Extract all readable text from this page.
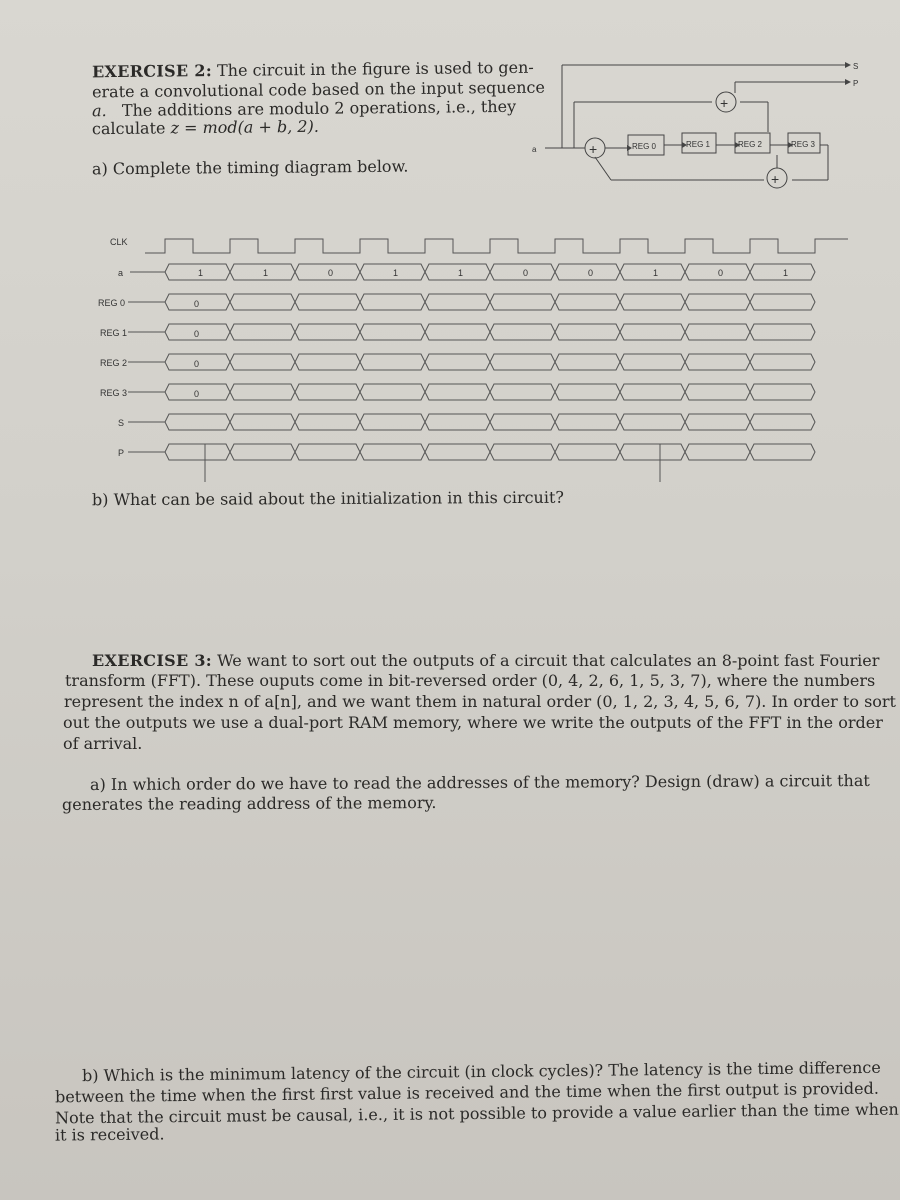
EXERCISE 2: The circuit in the figure is used to gen-
erate a convolutional code based on the input sequence
a. The additions are modulo 2 operations, i.e., they
calculate z = mod(a + b, 2).
a) Complete the timing diagram below.
a	+
+
+
REG 0	REG 1	REG 2	REG 3
S
P
1	1	0	1	1	0	0	1	0	1
CLK
a
REG 0
REG 1
REG 2
REG 3
S
P
0
0
0
0
b) What can be said about the initialization in this circuit?
EXERCISE 3: We want to sort out the outputs of a circuit that calculates an 8-point fast Fourier
transform (FFT). These ouputs come in bit-reversed order (0, 4, 2, 6, 1, 5, 3, 7), where the numbers
represent the index n of a[n], and we want them in natural order (0, 1, 2, 3, 4, 5, 6, 7). In order to sort
out the outputs we use a dual-port RAM memory, where we write the outputs of the FFT in the order
of arrival.
a) In which order do we have to read the addresses of the memory? Design (draw) a circuit that
generates the reading address of the memory.
b) Which is the minimum latency of the circuit (in clock cycles)? The latency is the time difference
between the time when the first first value is received and the time when the first output is provided.
Note that the circuit must be causal, i.e., it is not possible to provide a value earlier than the time when
it is received.
